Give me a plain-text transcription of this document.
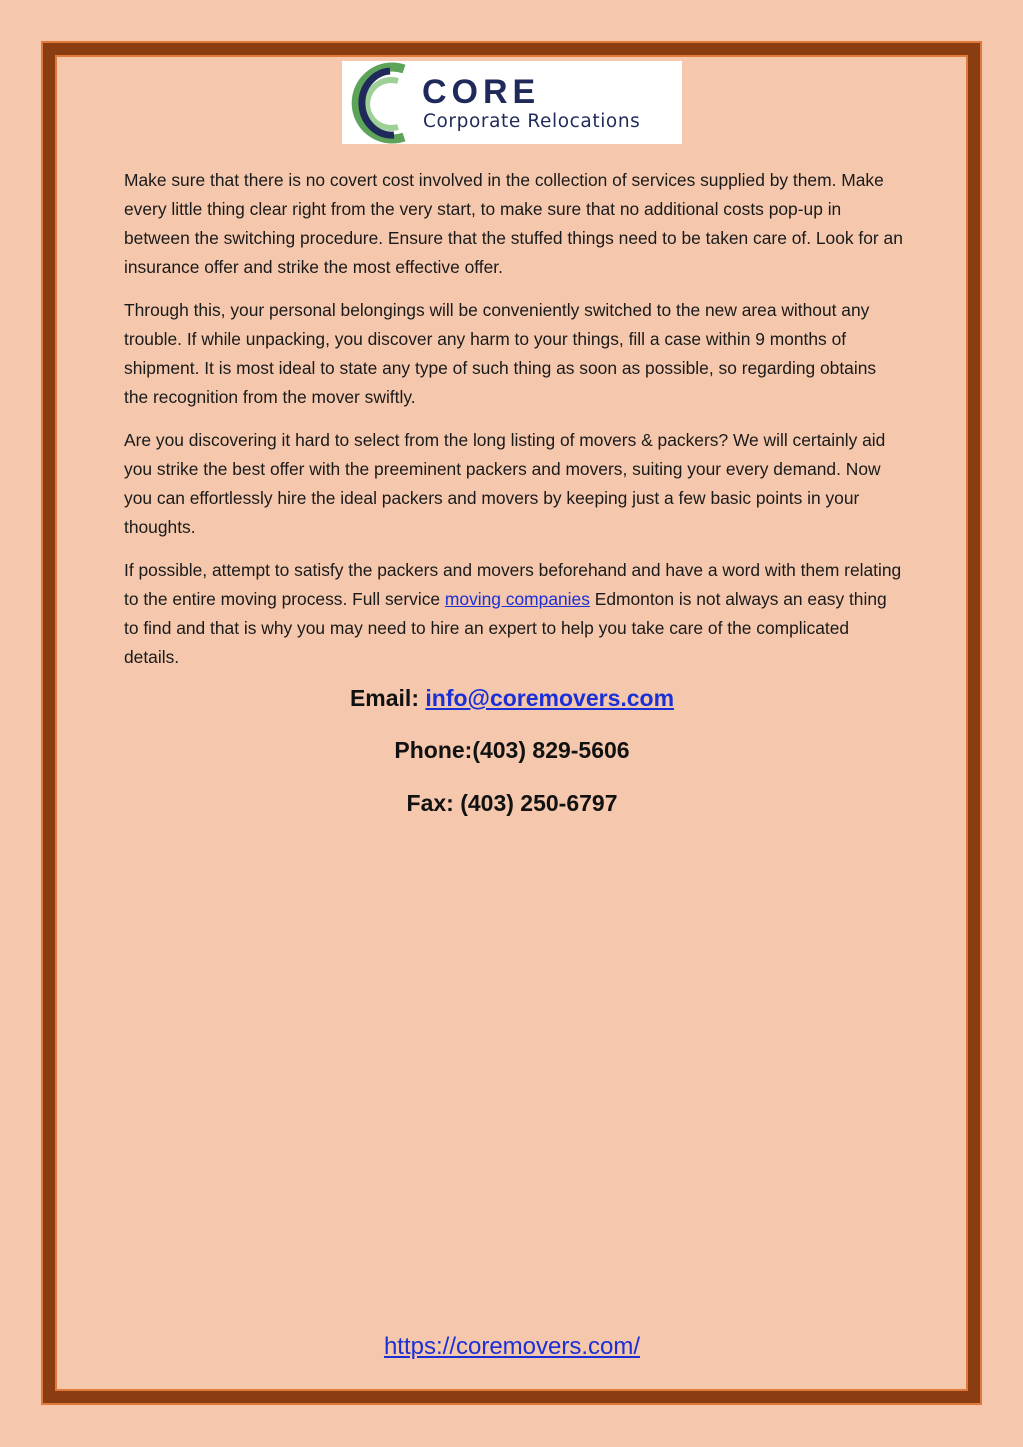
CORE
Corporate Relocations

Make sure that there is no covert cost involved in the collection of services supplied by them. Make every little thing clear right from the very start, to make sure that no additional costs pop-up in between the switching procedure. Ensure that the stuffed things need to be taken care of. Look for an insurance offer and strike the most effective offer.

Through this, your personal belongings will be conveniently switched to the new area without any trouble. If while unpacking, you discover any harm to your things, fill a case within 9 months of shipment. It is most ideal to state any type of such thing as soon as possible, so regarding obtains the recognition from the mover swiftly.

Are you discovering it hard to select from the long listing of movers & packers? We will certainly aid you strike the best offer with the preeminent packers and movers, suiting your every demand. Now you can effortlessly hire the ideal packers and movers by keeping just a few basic points in your thoughts.

If possible, attempt to satisfy the packers and movers beforehand and have a word with them relating to the entire moving process. Full service moving companies Edmonton is not always an easy thing to find and that is why you may need to hire an expert to help you take care of the complicated details.

Email: info@coremovers.com
Phone:(403) 829-5606
Fax: (403) 250-6797
https://coremovers.com/
